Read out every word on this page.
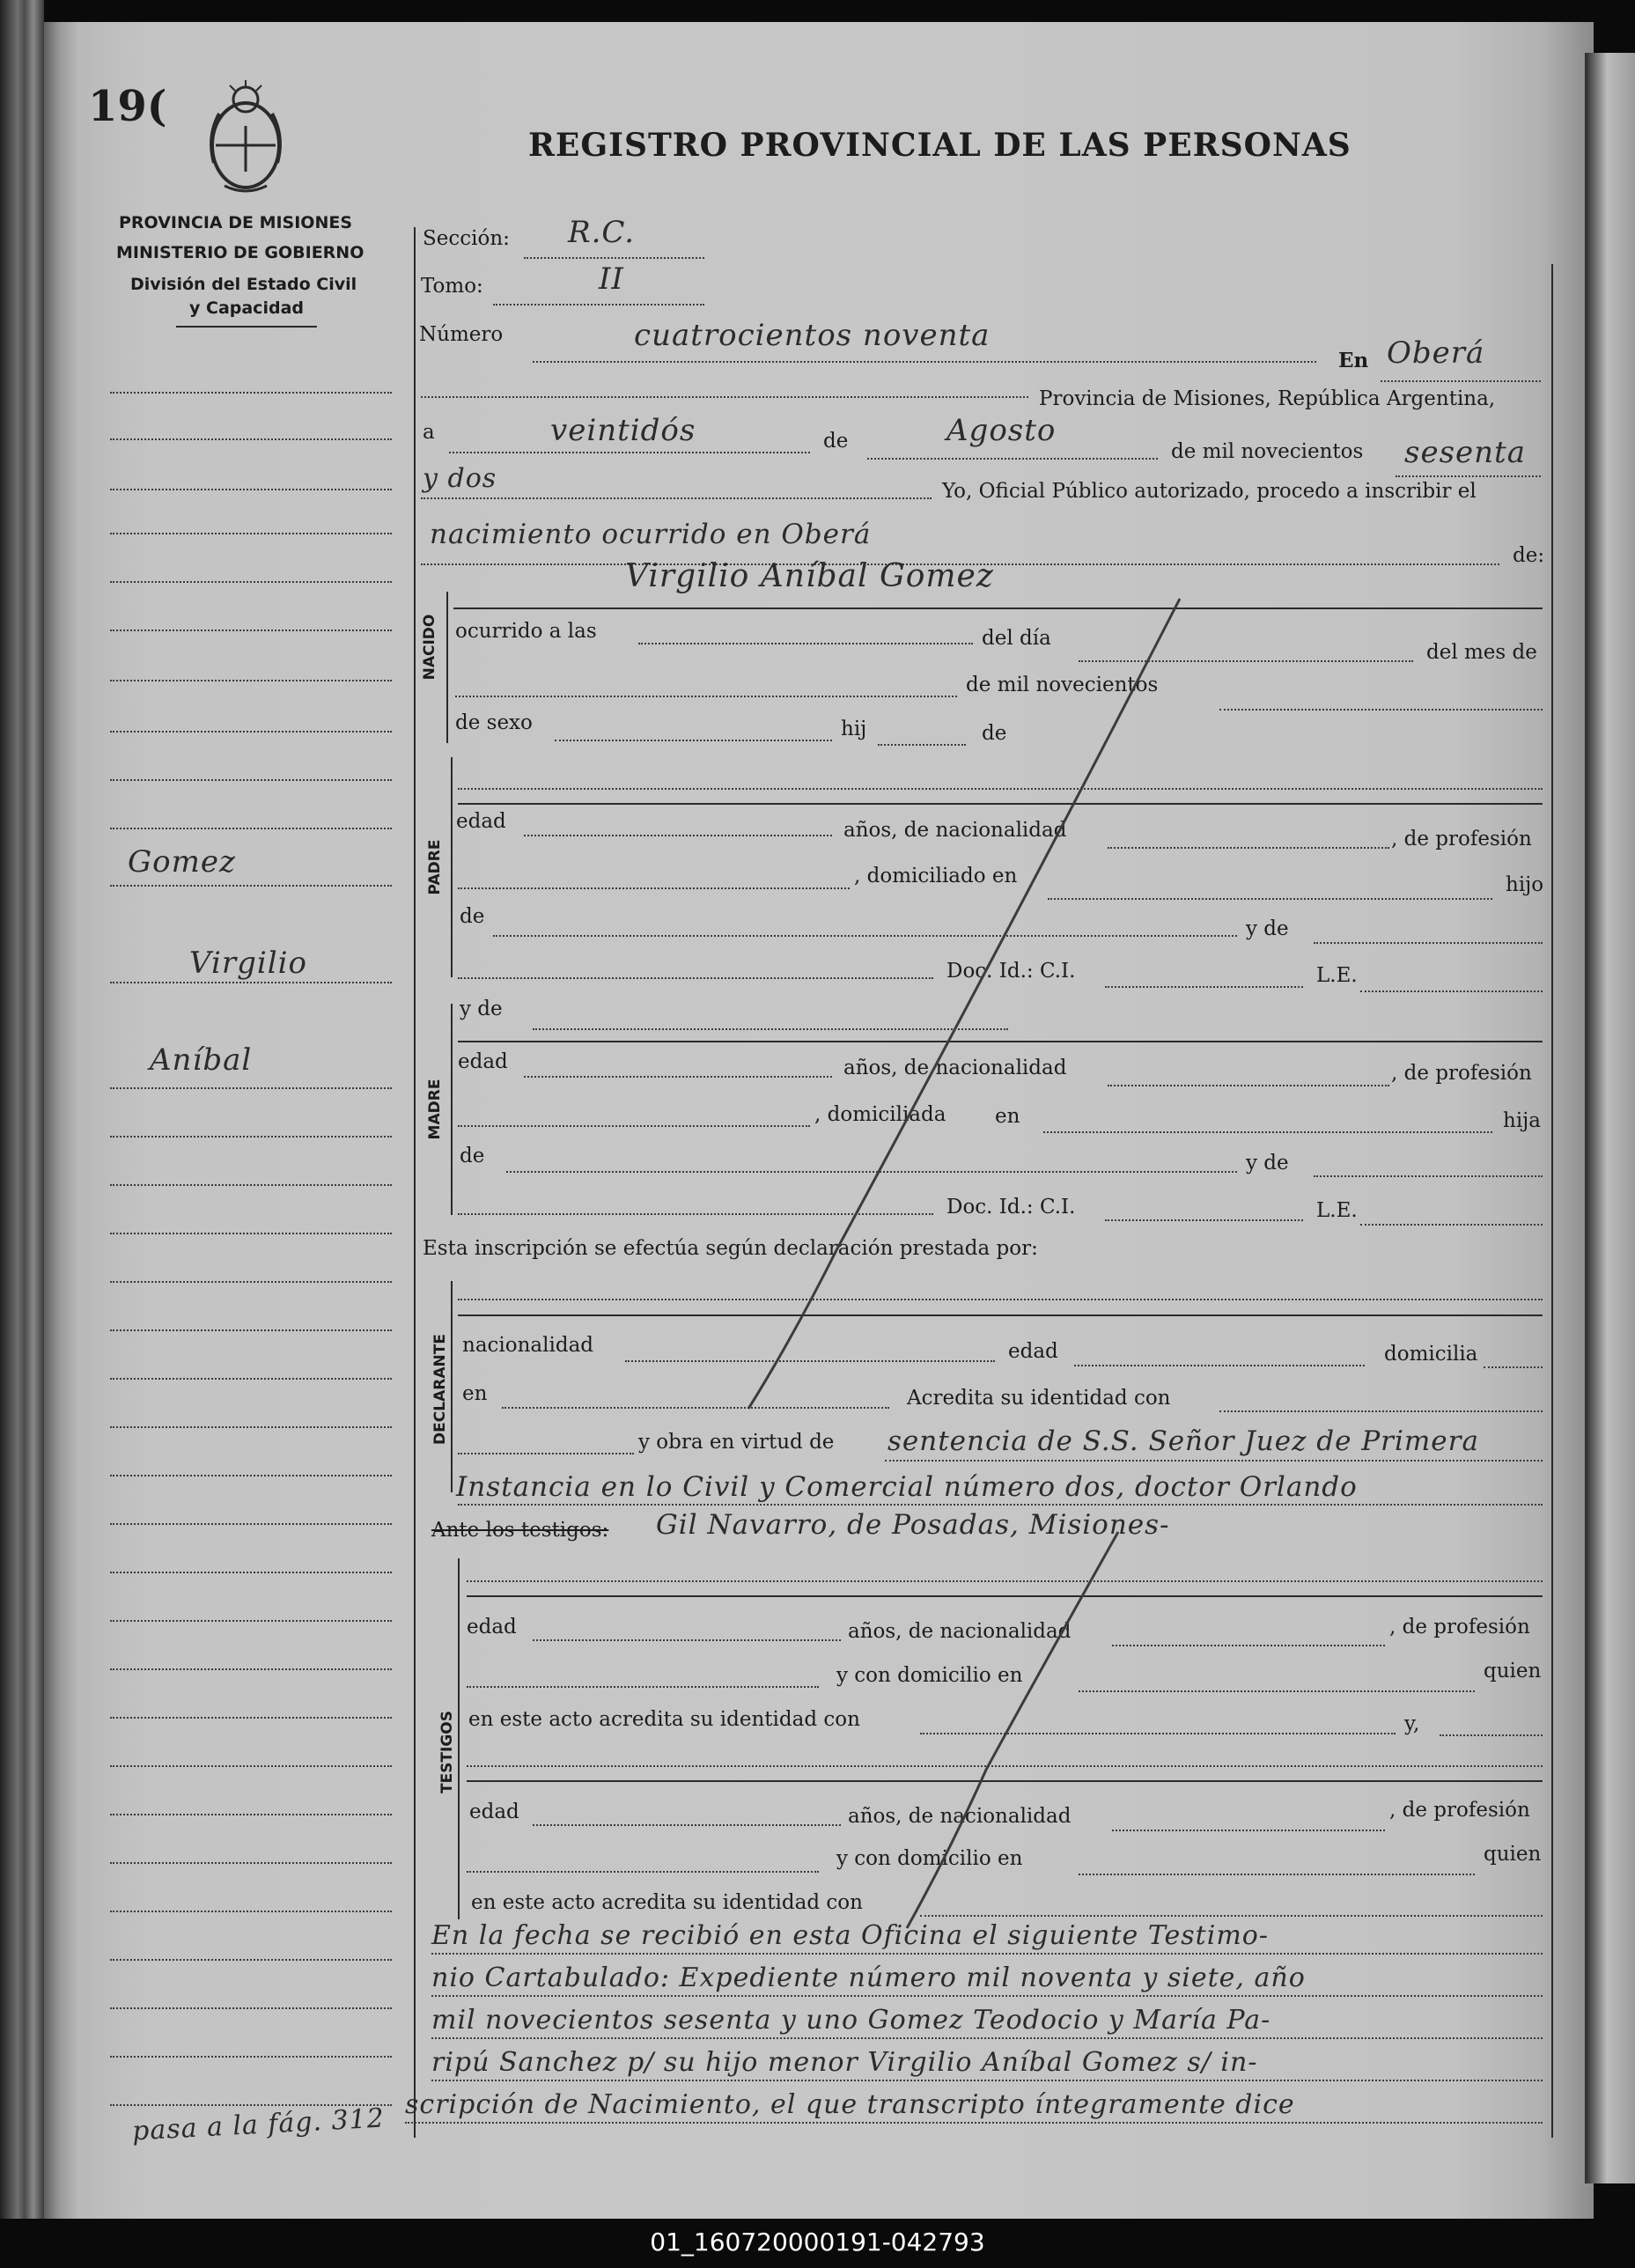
19(
REGISTRO PROVINCIAL DE LAS PERSONAS
PROVINCIA DE MISIONES
MINISTERIO DE GOBIERNO
División del Estado Civil
y Capacidad
Gomez
Virgilio
Aníbal
pasa a la fág. 312
Sección: R.C.
Tomo:	II
Número	cuatrocientos noventa
En Oberá
Provincia de Misiones, República Argentina,
a	veintidós	de	Agosto
de mil novecientos sesenta
y dos	Yo, Oficial Público autorizado, procedo a inscribir el
nacimiento ocurrido en Oberá
de:
Virgilio Aníbal Gomez
NACIDO ocurrido a las	del día
del mes de
de mil novecientos
de sexo	hij	de
PADRE
edad	años, de nacionalidad	, de profesión
, domiciliado en	hijo
de
y de
Doc. Id.: C.I.	L.E.
y de
MADRE
edad	años, de nacionalidad	, de profesión
, domiciliada en	hija
de	y de
Doc. Id.: C.I.	L.E.
Esta inscripción se efectúa según declaración prestada por:
DECLARANTE nacionalidad	edad	domicilia
en	Acredita su identidad con
y obra en virtud de sentencia de S.S. Señor Juez de Primera
Instancia en lo Civil y Comercial número dos, doctor Orlando
Ante los testigos: Gil Navarro, de Posadas, Misiones-
TESTIGOS
edad	años, de nacionalidad	, de profesión
y con domicilio en	quien
en este acto acredita su identidad con	y,
edad	años, de nacionalidad	, de profesión
y con domicilio en	quien
en este acto acredita su identidad con
En la fecha se recibió en esta Oficina el siguiente Testimo-
nio Cartabulado: Expediente número mil noventa y siete, año
mil novecientos sesenta y uno Gomez Teodocio y María Pa-
ripú Sanchez p/ su hijo menor Virgilio Aníbal Gomez s/ in-
scripción de Nacimiento, el que transcripto íntegramente dice
01_160720000191-042793
